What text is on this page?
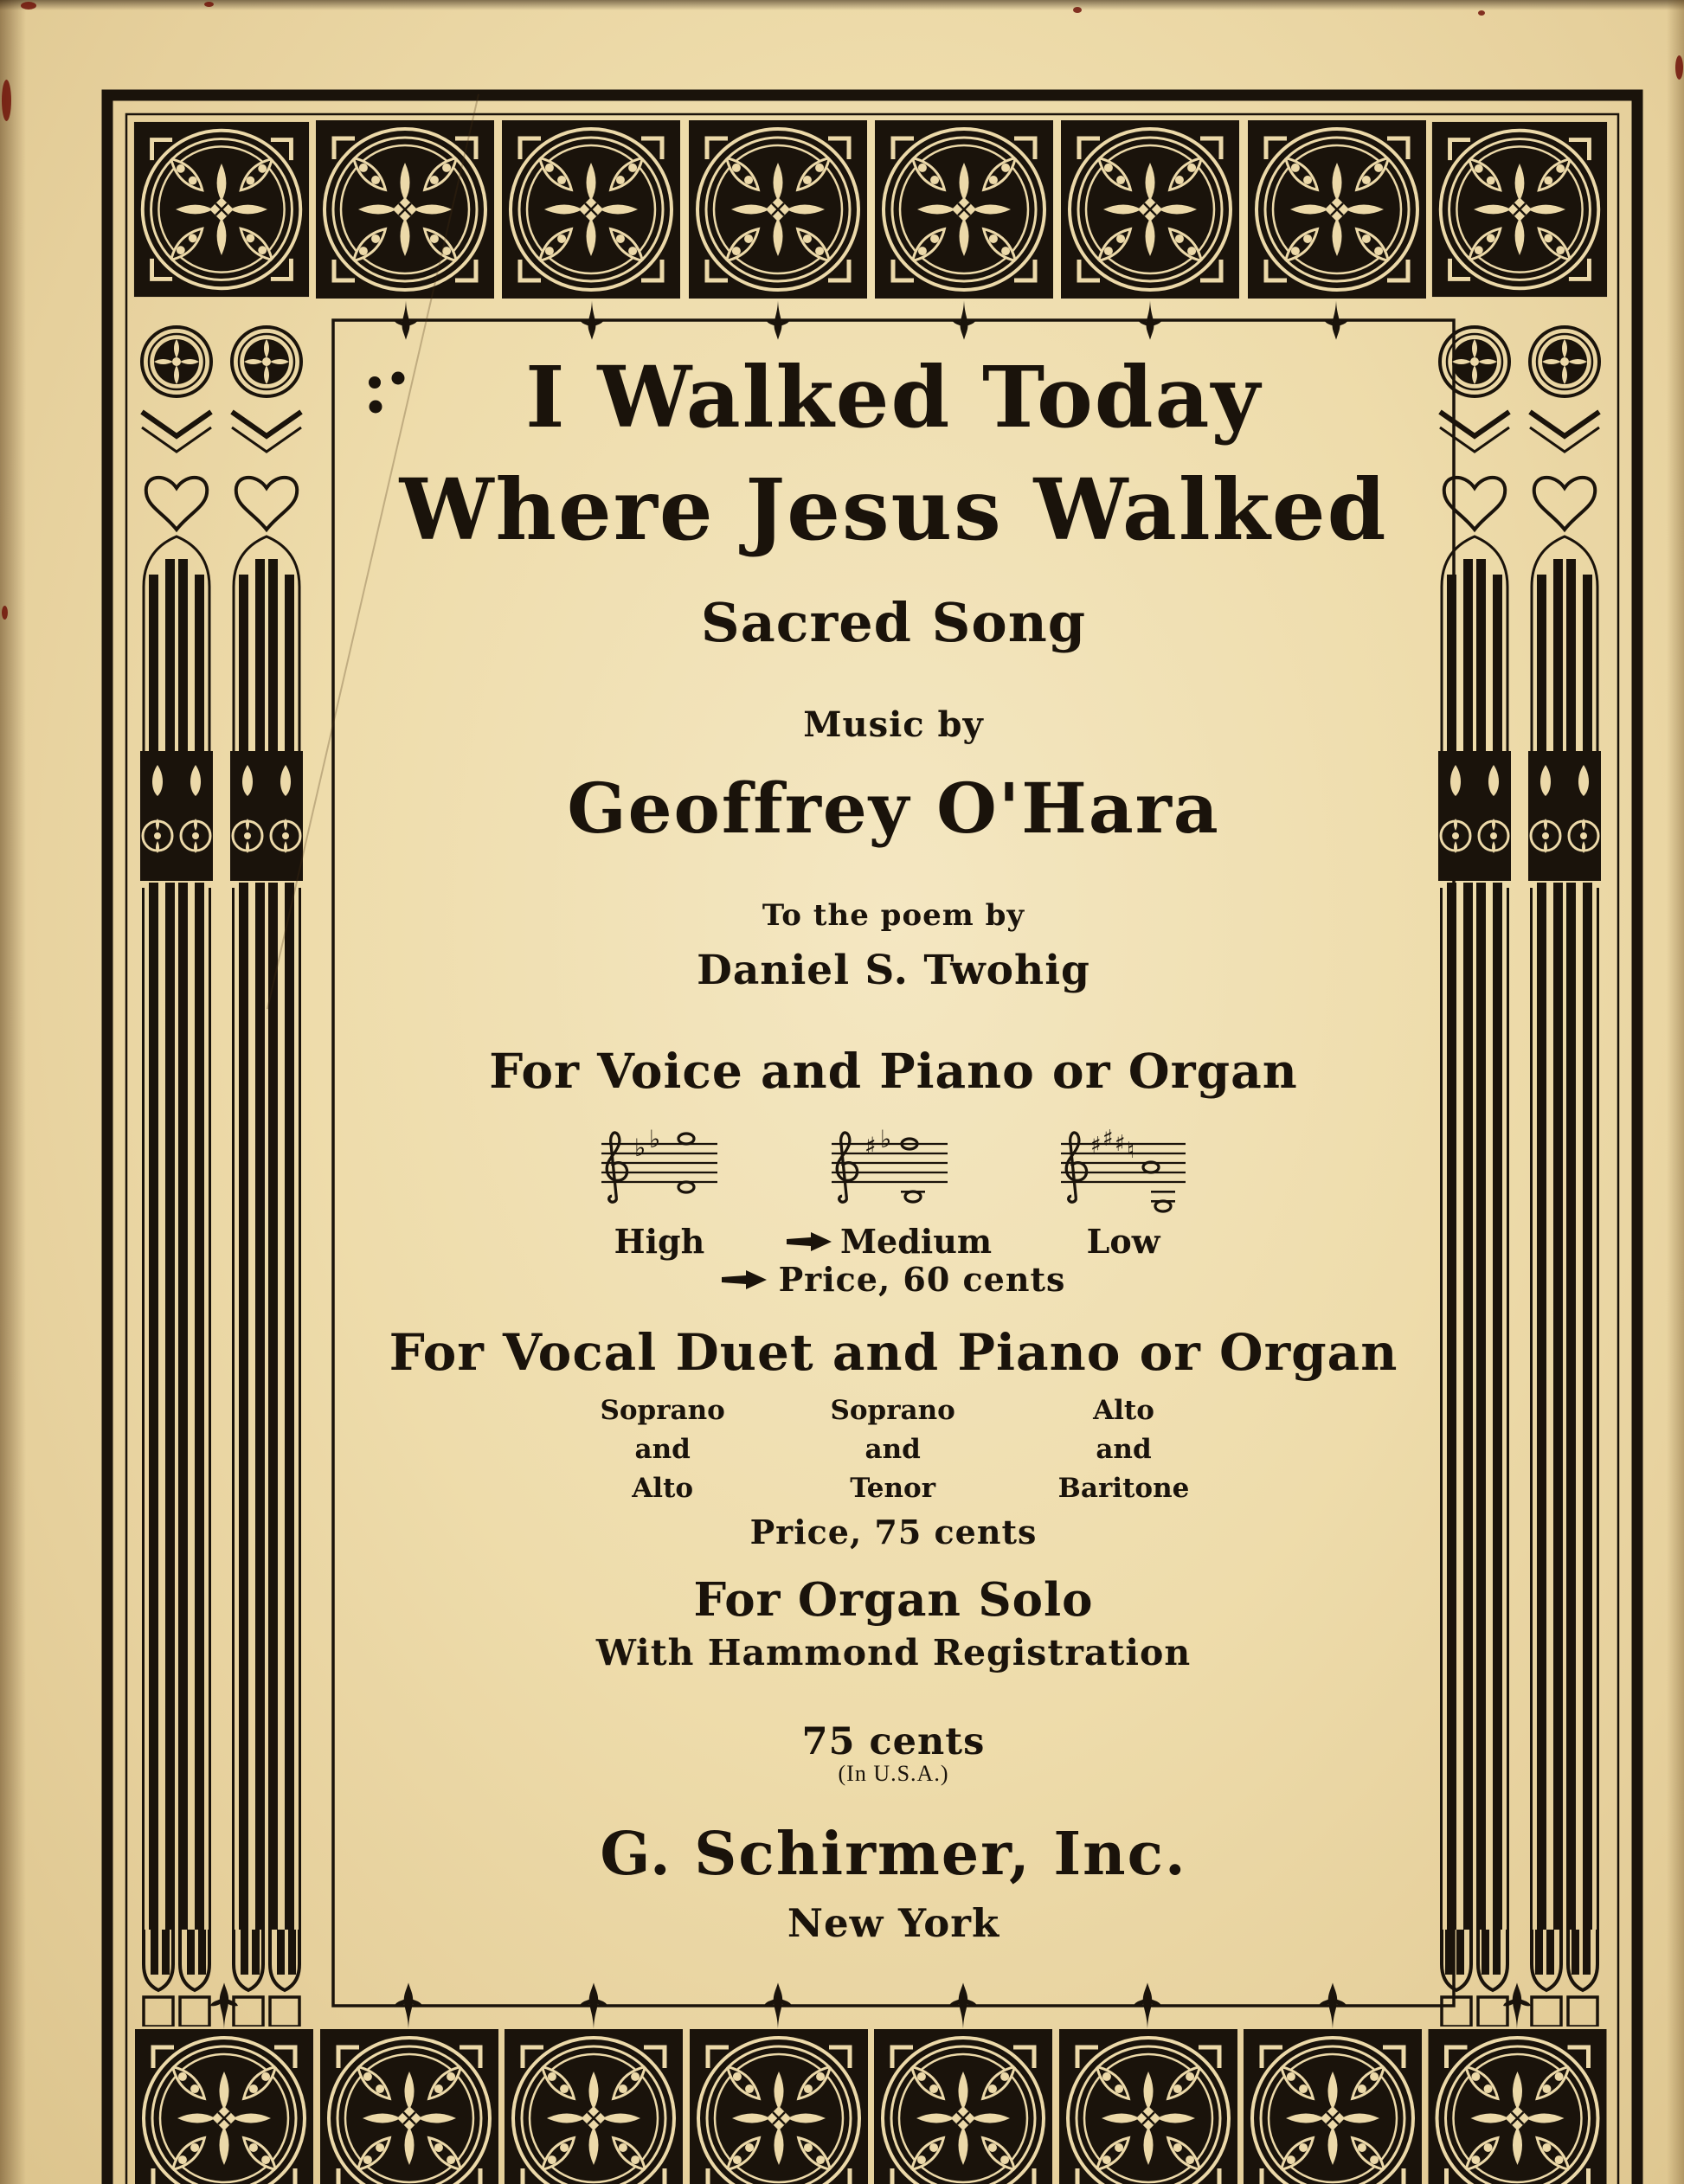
I Walked Today
Where Jesus Walked
Sacred Song
Music by
Geoffrey O'Hara
To the poem by
Daniel S. Twohig
For Voice and Piano or Organ
♭ ♭
High
♯ ♭
Medium
♯ ♯ ♯ ♮
Low
Price, 60 cents
For Vocal Duet and Piano or Organ
Soprano
and
Alto
Soprano
and
Tenor
Alto
and
Baritone
Price, 75 cents
For Organ Solo
With Hammond Registration
75 cents
(In U.S.A.)
G. Schirmer, Inc.
New York
